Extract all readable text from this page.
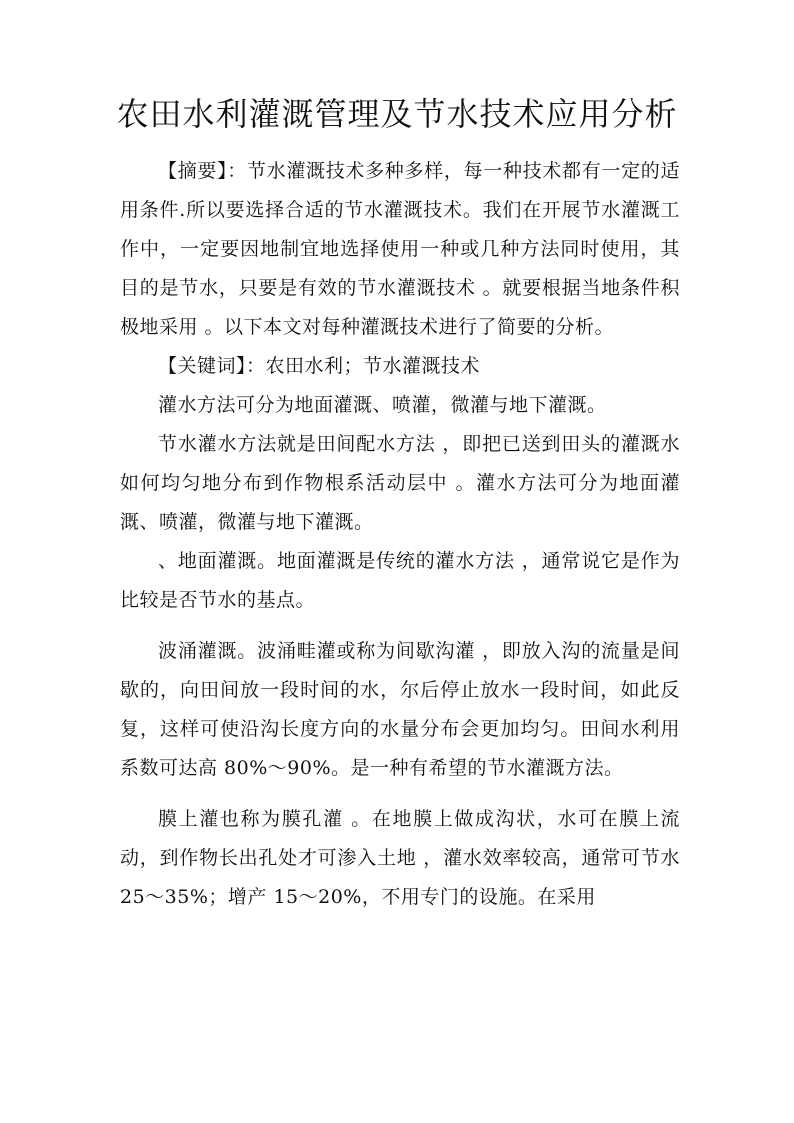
农田水利灌溉管理及节水技术应用分析

【摘要】：节水灌溉技术多种多样，每一种技术都有一定的适用条件.所以要选择合适的节水灌溉技术。我们在开展节水灌溉工作中，一定要因地制宜地选择使用一种或几种方法同时使用，其目的是节水，只要是有效的节水灌溉技术 。就要根据当地条件积极地采用 。以下本文对每种灌溉技术进行了简要的分析。

【关键词】：农田水利；节水灌溉技术

灌水方法可分为地面灌溉、喷灌，微灌与地下灌溉。

节水灌水方法就是田间配水方法 ，即把已送到田头的灌溉水如何均匀地分布到作物根系活动层中 。灌水方法可分为地面灌溉、喷灌，微灌与地下灌溉。

、地面灌溉。地面灌溉是传统的灌水方法 ，通常说它是作为比较是否节水的基点。

波涌灌溉。波涌畦灌或称为间歇沟灌 ，即放入沟的流量是间歇的，向田间放一段时间的水，尔后停止放水一段时间，如此反复，这样可使沿沟长度方向的水量分布会更加均匀。田间水利用系数可达高 80%～90%。是一种有希望的节水灌溉方法。

膜上灌也称为膜孔灌 。在地膜上做成沟状，水可在膜上流动，到作物长出孔处才可渗入土地 ，灌水效率较高，通常可节水 25～35%；增产 15～20%，不用专门的设施。在采用
